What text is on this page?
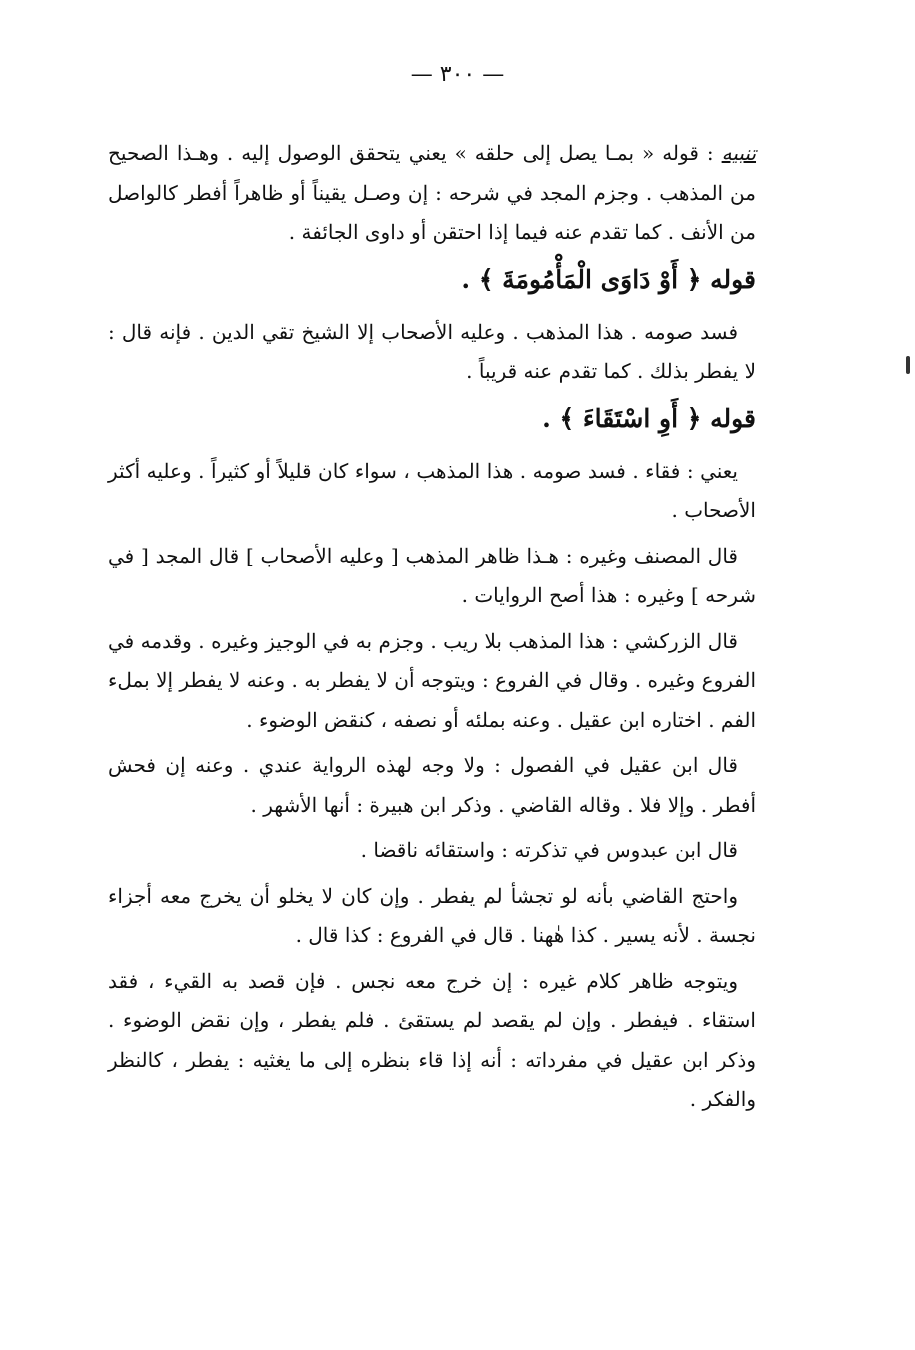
— ٣٠٠ —

تنبيه : قوله « بمـا يصل إلى حلقه » يعني يتحقق الوصول إليه . وهـذا الصحيح من المذهب . وجزم المجد في شرحه : إن وصـل يقيناً أو ظاهراً أفطر كالواصل من الأنف . كما تقدم عنه فيما إذا احتقن أو داوى الجائفة .

قوله ﴿ أَوْ دَاوَى الْمَأْمُومَةَ ﴾ .

فسد صومه . هذا المذهب . وعليه الأصحاب إلا الشيخ تقي الدين . فإنه قال : لا يفطر بذلك . كما تقدم عنه قريباً .

قوله ﴿ أَوِ اسْتَقَاءَ ﴾ .

يعني : فقاء . فسد صومه . هذا المذهب ، سواء كان قليلاً أو كثيراً . وعليه أكثر الأصحاب .

قال المصنف وغيره : هـذا ظاهر المذهب [ وعليه الأصحاب ] قال المجد [ في شرحه ] وغيره : هذا أصح الروايات .

قال الزركشي : هذا المذهب بلا ريب . وجزم به في الوجيز وغيره . وقدمه في الفروع وغيره . وقال في الفروع : ويتوجه أن لا يفطر به . وعنه لا يفطر إلا بملء الفم . اختاره ابن عقيل . وعنه بملئه أو نصفه ، كنقض الوضوء .

قال ابن عقيل في الفصول : ولا وجه لهذه الرواية عندي . وعنه إن فحش أفطر . وإلا فلا . وقاله القاضي . وذكر ابن هبيرة : أنها الأشهر .

قال ابن عبدوس في تذكرته : واستقائه ناقضا .

واحتج القاضي بأنه لو تجشأ لم يفطر . وإن كان لا يخلو أن يخرج معه أجزاء نجسة . لأنه يسير . كذا هٰهنا . قال في الفروع : كذا قال .

ويتوجه ظاهر كلام غيره : إن خرج معه نجس . فإن قصد به القيء ، فقد استقاء . فيفطر . وإن لم يقصد لم يستقئ . فلم يفطر ، وإن نقض الوضوء . وذكر ابن عقيل في مفرداته : أنه إذا قاء بنظره إلى ما يغثيه : يفطر ، كالنظر والفكر .
